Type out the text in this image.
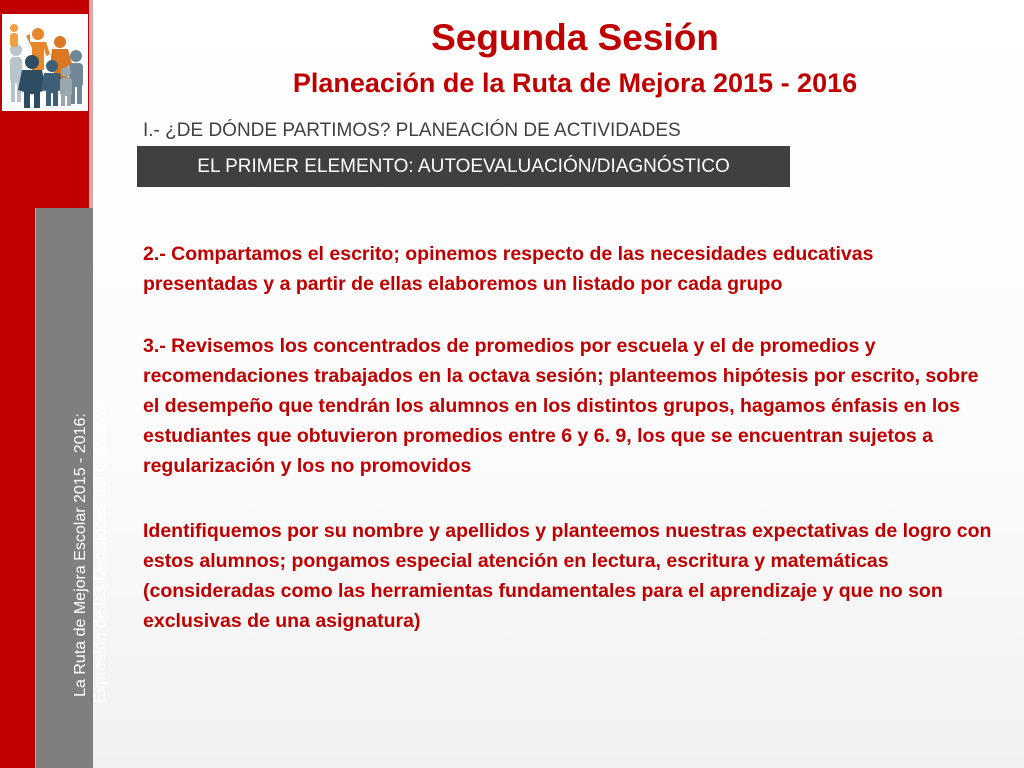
La Ruta de Mejora Escolar 2015 - 2016: Expresión de las Decisiones del Colectivo
Segunda Sesión
Planeación de la Ruta de Mejora 2015 - 2016
I.- ¿DE DÓNDE PARTIMOS? PLANEACIÓN DE ACTIVIDADES
EL PRIMER ELEMENTO: AUTOEVALUACIÓN/DIAGNÓSTICO

2.- Compartamos el escrito; opinemos respecto de las necesidades educativas presentadas y a partir de ellas elaboremos un listado por cada grupo

3.- Revisemos los concentrados de promedios por escuela y el de promedios y recomendaciones trabajados en la octava sesión; planteemos hipótesis por escrito, sobre el desempeño que tendrán los alumnos en los distintos grupos, hagamos énfasis en los estudiantes que obtuvieron promedios entre 6 y 6. 9, los que se encuentran sujetos a regularización y los no promovidos

Identifiquemos por su nombre y apellidos y planteemos nuestras expectativas de logro con estos alumnos; pongamos especial atención en lectura, escritura y matemáticas (consideradas como las herramientas fundamentales para el aprendizaje y que no son exclusivas de una asignatura)
